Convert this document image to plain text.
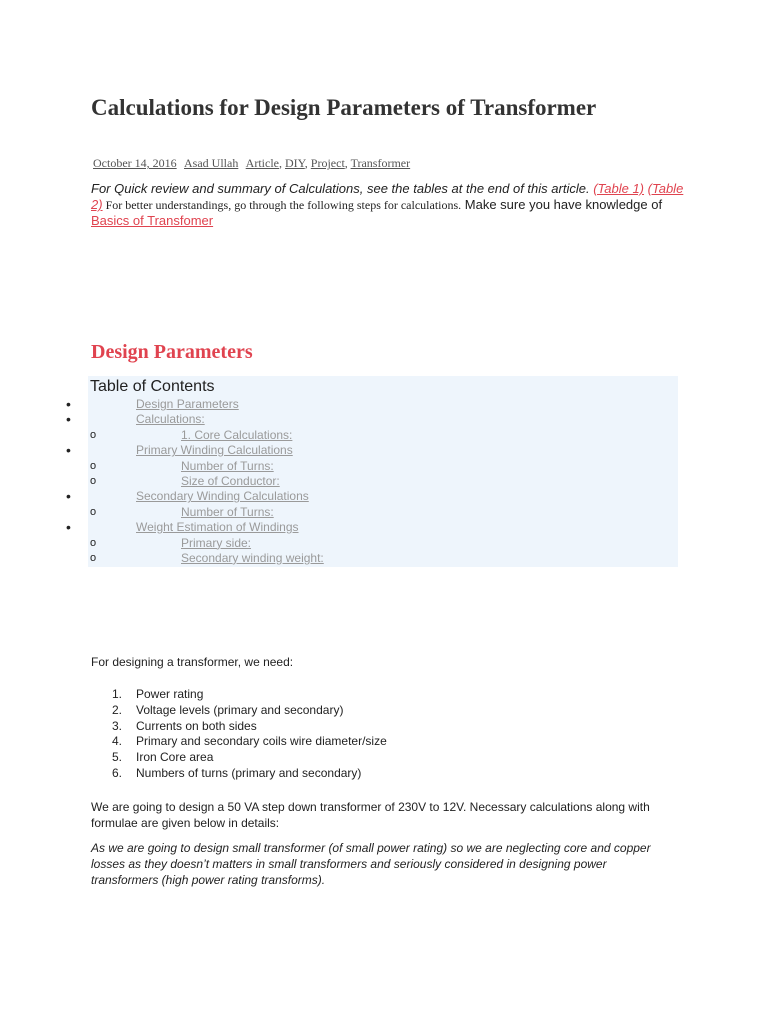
Calculations for Design Parameters of Transformer
October 14, 2016 Asad Ullah Article, DIY, Project, Transformer
For Quick review and summary of Calculations, see the tables at the end of this article. (Table 1) (Table 2) For better understandings, go through the following steps for calculations. Make sure you have knowledge of Basics of Transfomer
Design Parameters
Table of Contents
•	Design Parameters
•	Calculations:
o	1. Core Calculations:
•	Primary Winding Calculations
o	Number of Turns:
o	Size of Conductor:
•	Secondary Winding Calculations
o	Number of Turns:
•	Weight Estimation of Windings
o	Primary side:
o	Secondary winding weight:
For designing a transformer, we need:
1. Power rating
2. Voltage levels (primary and secondary)
3. Currents on both sides
4. Primary and secondary coils wire diameter/size
5. Iron Core area
6. Numbers of turns (primary and secondary)
We are going to design a 50 VA step down transformer of 230V to 12V. Necessary calculations along with formulae are given below in details:
As we are going to design small transformer (of small power rating) so we are neglecting core and copper losses as they doesn’t matters in small transformers and seriously considered in designing power transformers (high power rating transforms).
